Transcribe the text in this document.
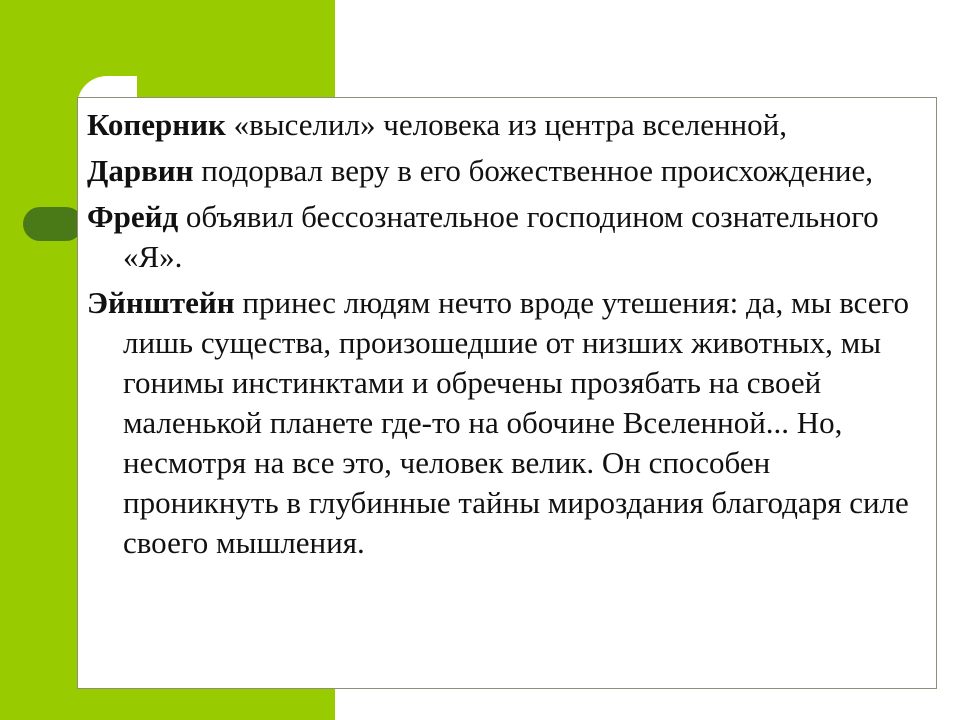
Коперник «выселил» человека из центра вселенной,

Дарвин подорвал веру в его божественное происхождение,

Фрейд объявил бессознательное господином сознательного «Я».

Эйнштейн принес людям нечто вроде утешения: да, мы всего лишь существа, произошедшие от низших животных, мы гонимы инстинктами и обречены прозябать на своей маленькой планете где-то на обочине Вселенной... Но, несмотря на все это, человек велик. Он способен проникнуть в глубинные тайны мироздания благодаря силе своего мышления.
